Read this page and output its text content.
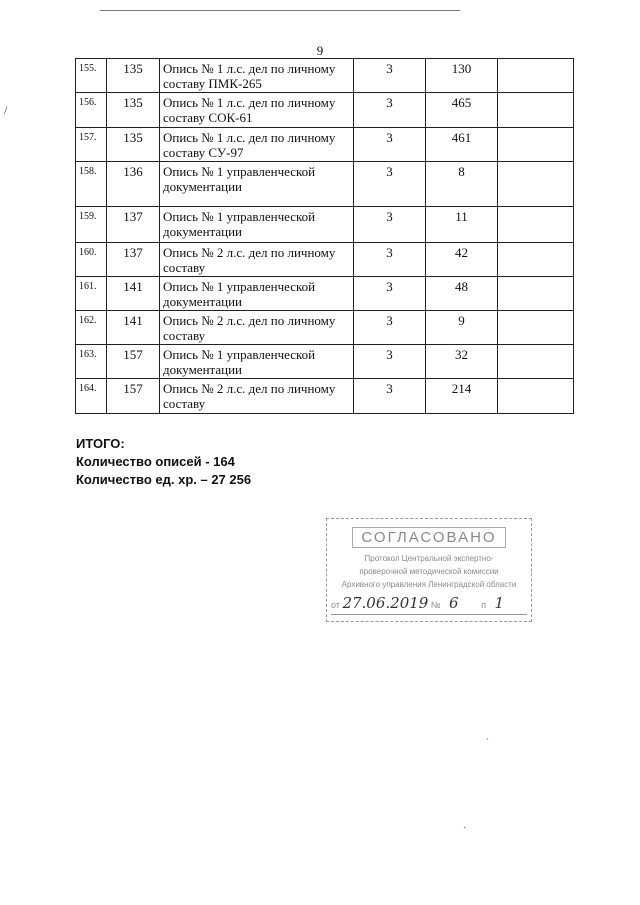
9
155.	135	Опись № 1 л.с. дел по личному составу ПМК-265	3	130	
156.	135	Опись № 1 л.с. дел по личному составу СОК-61	3	465	
157.	135	Опись № 1 л.с. дел по личному составу СУ-97	3	461	
158.	136	Опись № 1 управленческой документации	3	8	
159.	137	Опись № 1 управленческой документации	3	11	
160.	137	Опись № 2 л.с. дел по личному составу	3	42	
161.	141	Опись № 1 управленческой документации	3	48	
162.	141	Опись № 2 л.с. дел по личному составу	3	9	
163.	157	Опись № 1 управленческой документации	3	32	
164.	157	Опись № 2 л.с. дел по личному составу	3	214	
ИТОГО:
Количество описей - 164
Количество ед. хр. – 27 256
СОГЛАСОВАНО
Протокол Центральной экспертно-
проверочной методической комиссии
Архивного управления Ленинградской области
от 27.06.2019 № 6	п 1
/
ˎ
ˎ
